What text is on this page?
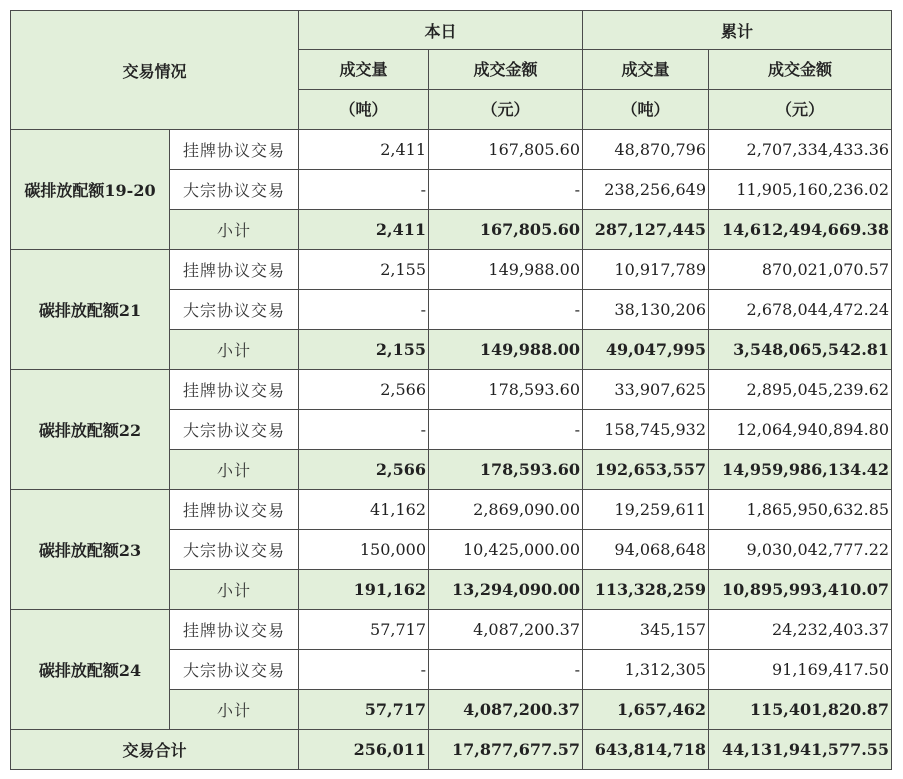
交易情况		本日		累计	
		成交量	成交金额	成交量	成交金额
		（吨）	（元）	（吨）	（元）
碳排放配额19-20	挂牌协议交易	2,411	167,805.60	48,870,796	2,707,334,433.36
	大宗协议交易	-	-	238,256,649	11,905,160,236.02
	小计	2,411	167,805.60	287,127,445	14,612,494,669.38
碳排放配额21	挂牌协议交易	2,155	149,988.00	10,917,789	870,021,070.57
	大宗协议交易	-	-	38,130,206	2,678,044,472.24
	小计	2,155	149,988.00	49,047,995	3,548,065,542.81
碳排放配额22	挂牌协议交易	2,566	178,593.60	33,907,625	2,895,045,239.62
	大宗协议交易	-	-	158,745,932	12,064,940,894.80
	小计	2,566	178,593.60	192,653,557	14,959,986,134.42
碳排放配额23	挂牌协议交易	41,162	2,869,090.00	19,259,611	1,865,950,632.85
	大宗协议交易	150,000	10,425,000.00	94,068,648	9,030,042,777.22
	小计	191,162	13,294,090.00	113,328,259	10,895,993,410.07
碳排放配额24	挂牌协议交易	57,717	4,087,200.37	345,157	24,232,403.37
	大宗协议交易	-	-	1,312,305	91,169,417.50
	小计	57,717	4,087,200.37	1,657,462	115,401,820.87
交易合计		256,011	17,877,677.57	643,814,718	44,131,941,577.55
